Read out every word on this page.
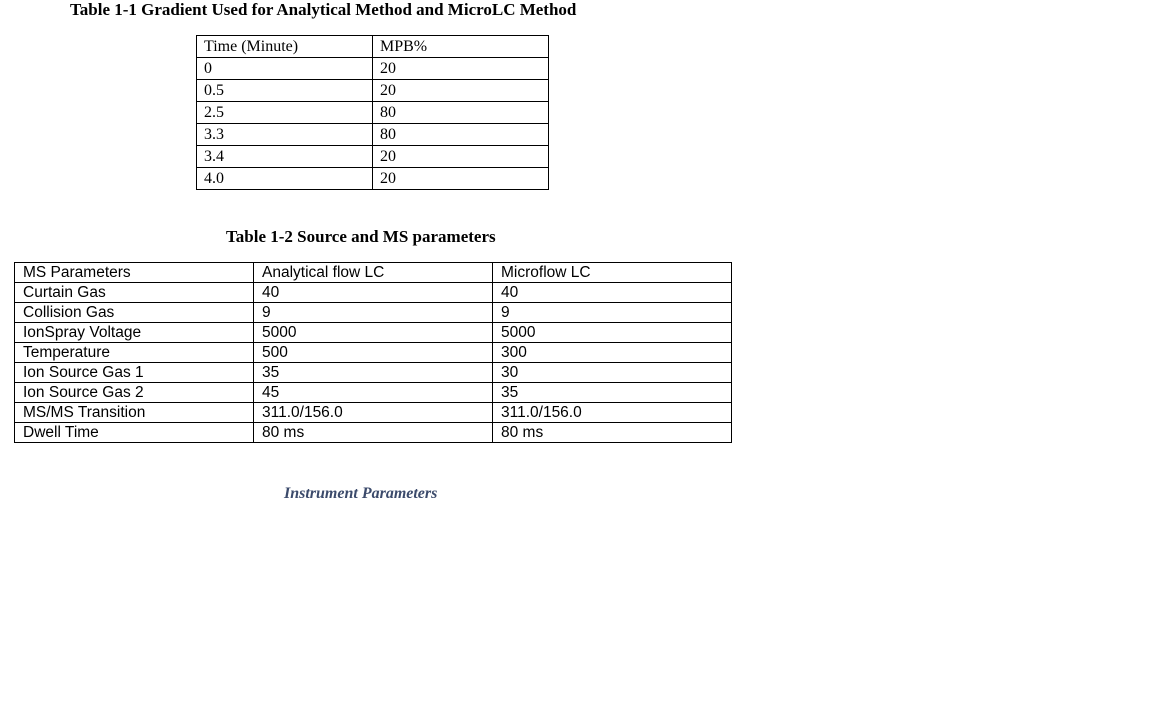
Table 1-1 Gradient Used for Analytical Method and MicroLC Method

Time (Minute)	MPB%
0	20
0.5	20
2.5	80
3.3	80
3.4	20
4.0	20

Table 1-2 Source and MS parameters

MS Parameters	Analytical flow LC	Microflow LC
Curtain Gas	40	40
Collision Gas	9	9
IonSpray Voltage	5000	5000
Temperature	500	300
Ion Source Gas 1	35	30
Ion Source Gas 2	45	35
MS/MS Transition	311.0/156.0	311.0/156.0
Dwell Time	80 ms	80 ms

Instrument Parameters
